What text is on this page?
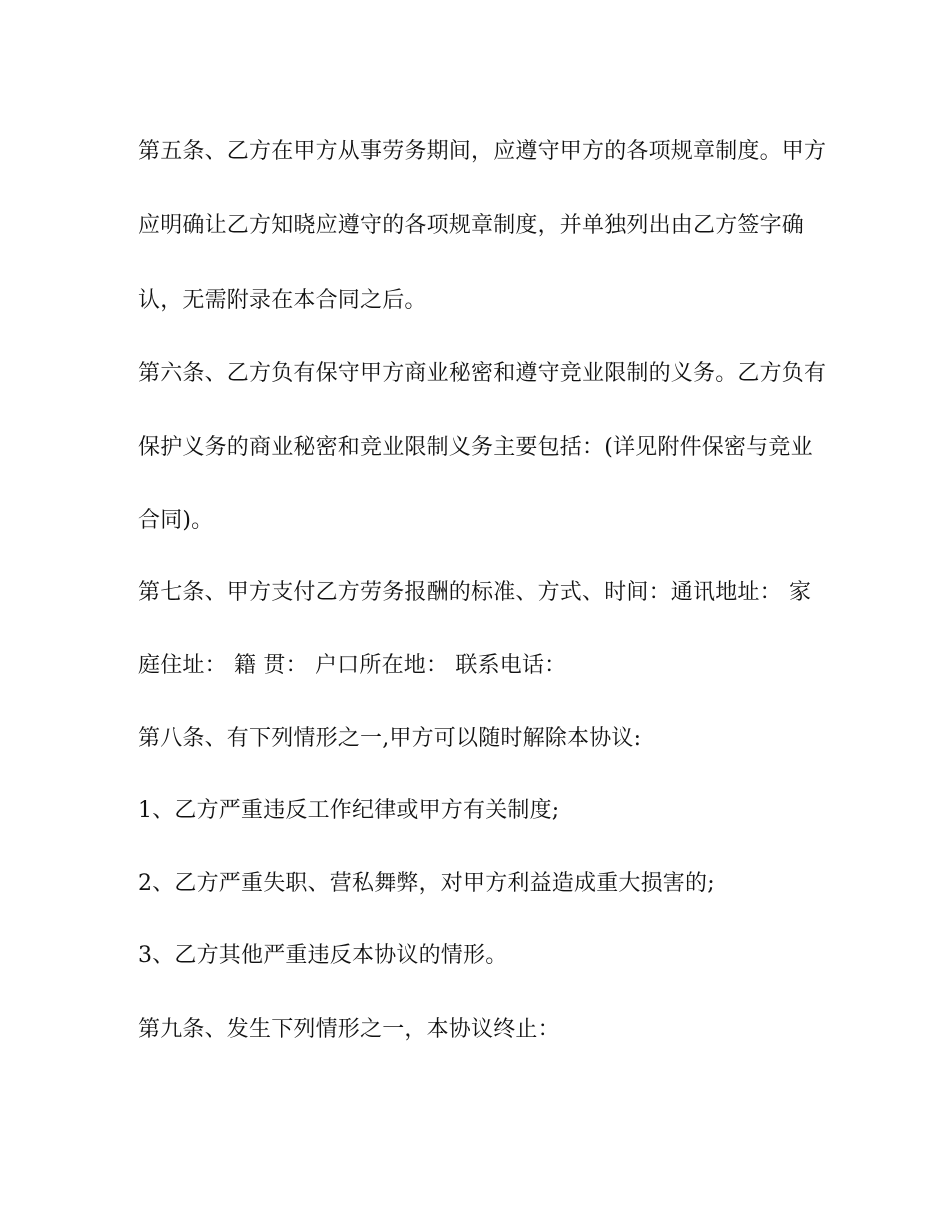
第五条、乙方在甲方从事劳务期间，应遵守甲方的各项规章制度。甲方
应明确让乙方知晓应遵守的各项规章制度，并单独列出由乙方签字确
认，无需附录在本合同之后。
第六条、乙方负有保守甲方商业秘密和遵守竞业限制的义务。乙方负有
保护义务的商业秘密和竞业限制义务主要包括：(详见附件保密与竞业
合同)。
第七条、甲方支付乙方劳务报酬的标准、方式、时间：通讯地址： 家
庭住址： 籍 贯： 户口所在地： 联系电话：
第八条、有下列情形之一,甲方可以随时解除本协议:
1、乙方严重违反工作纪律或甲方有关制度;
2、乙方严重失职、营私舞弊，对甲方利益造成重大损害的;
3、乙方其他严重违反本协议的情形。
第九条、发生下列情形之一，本协议终止：
